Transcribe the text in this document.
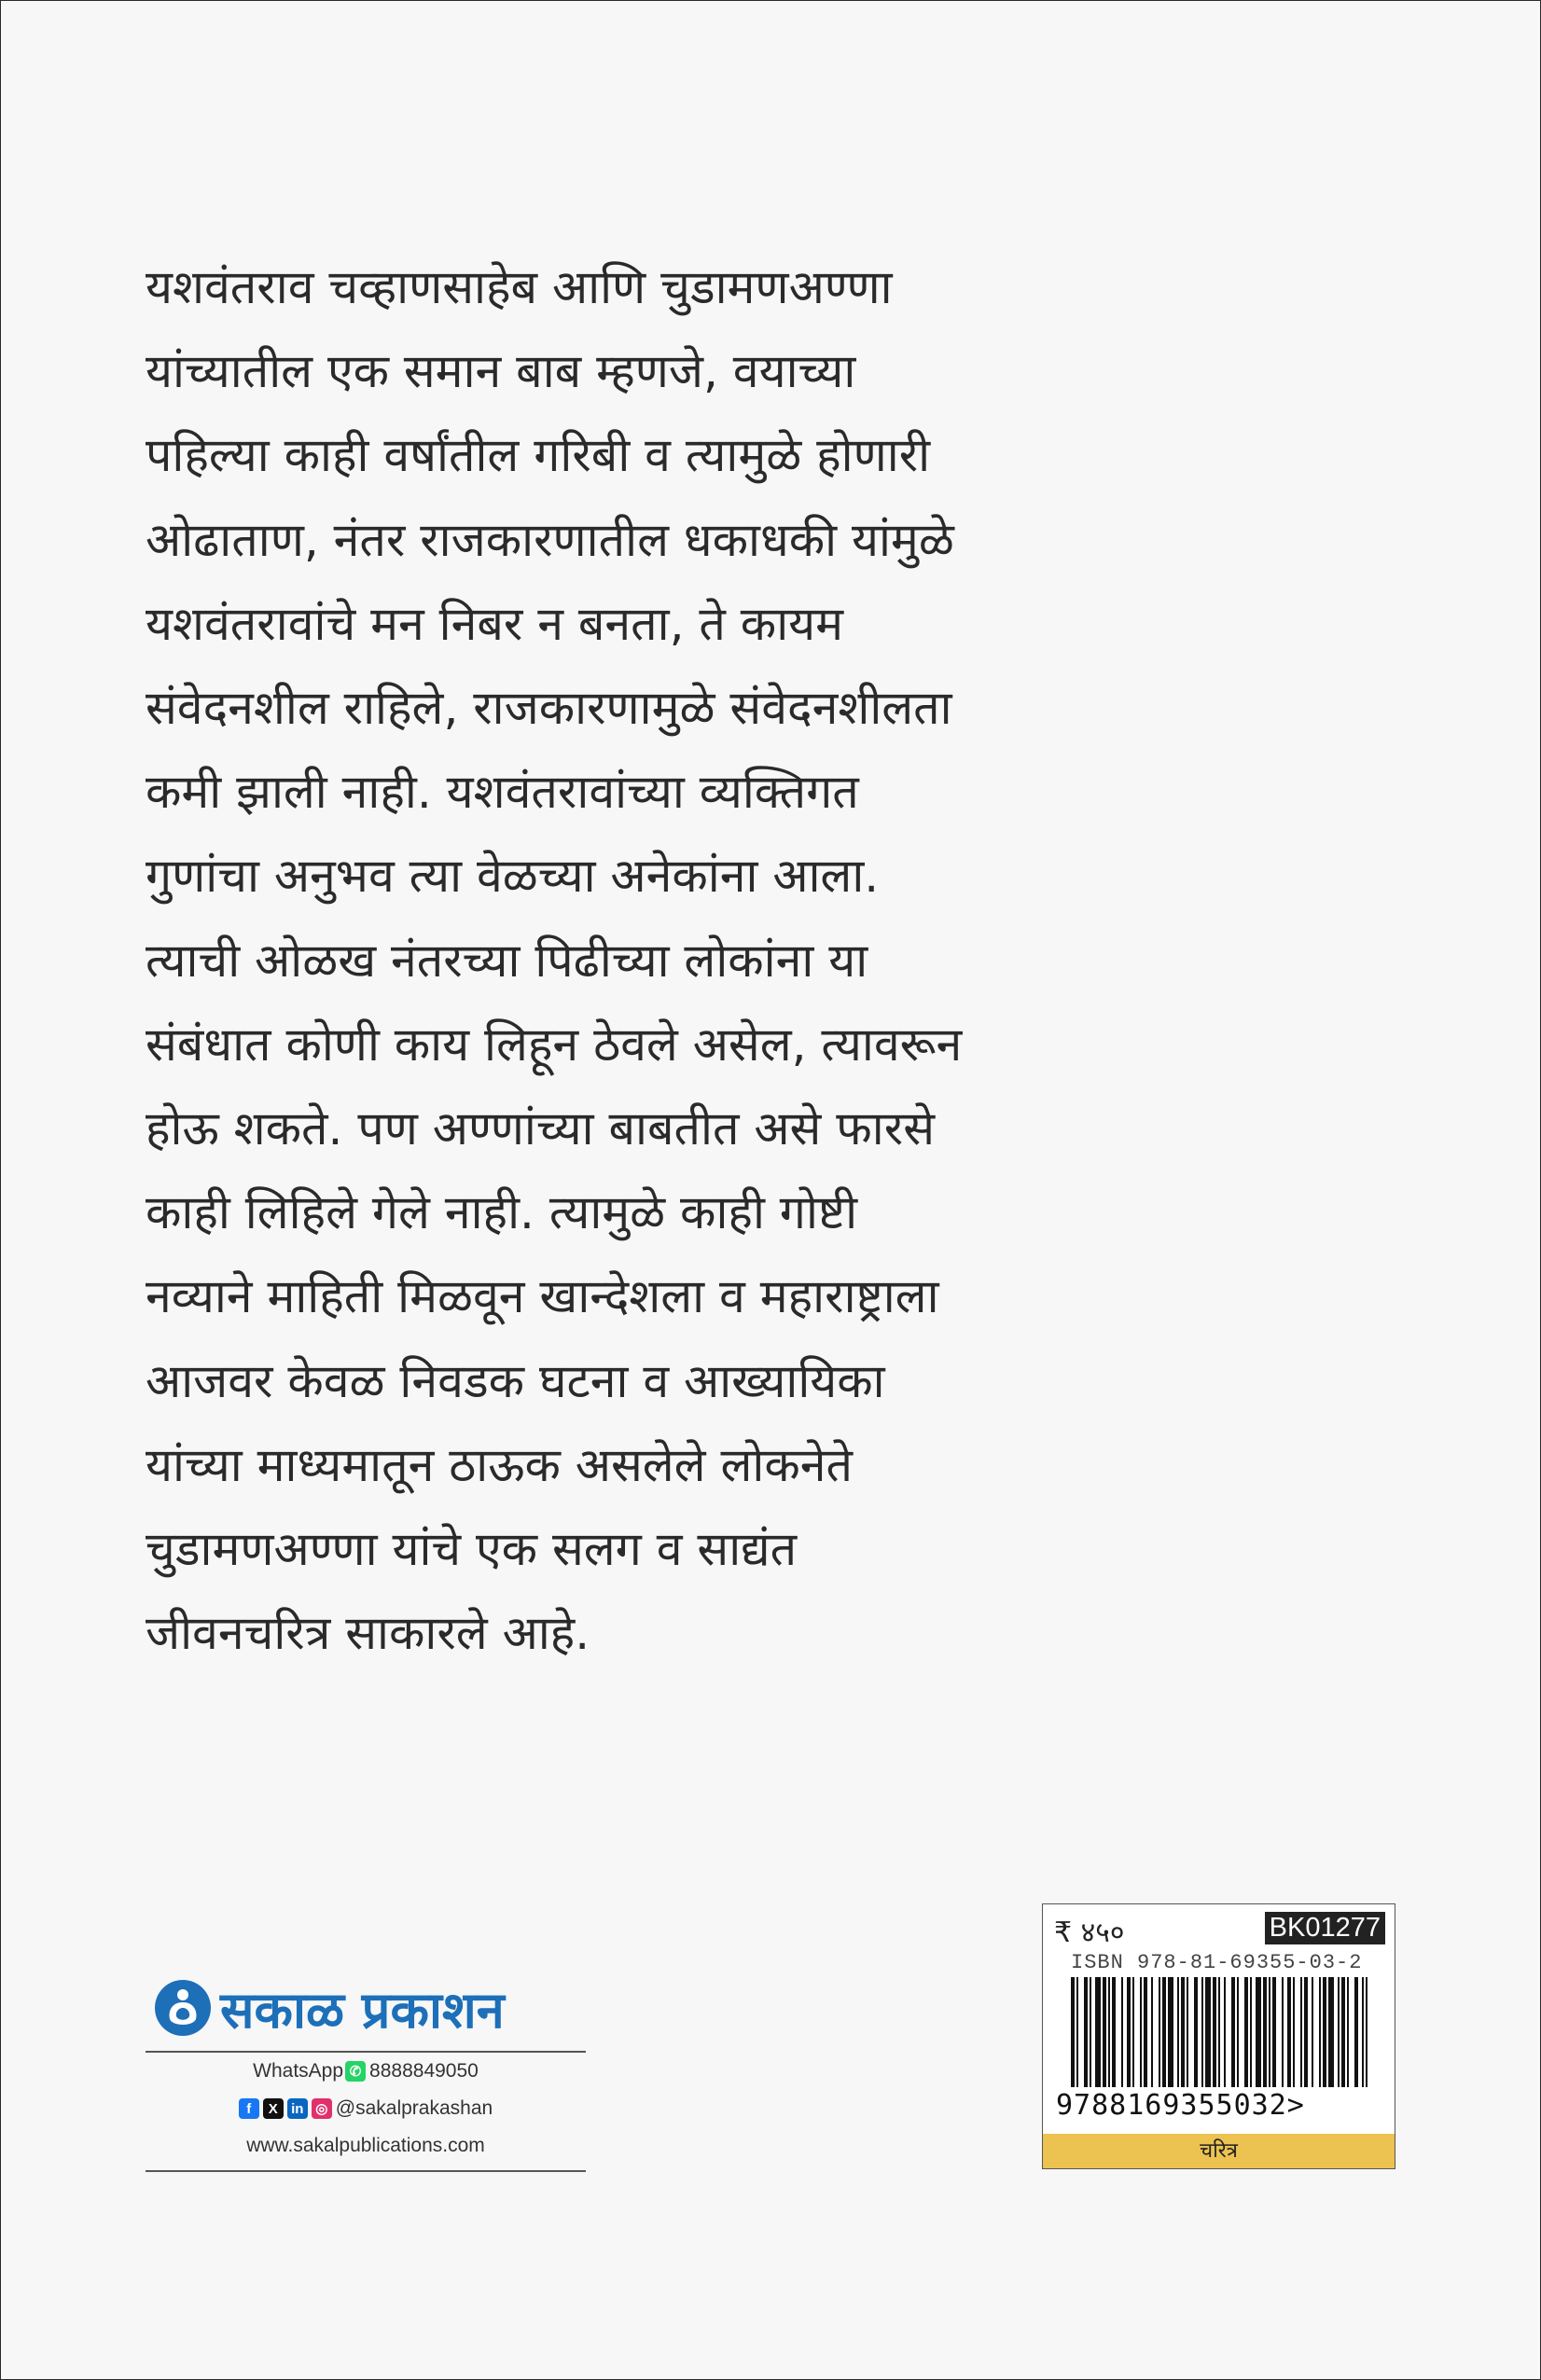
यशवंतराव चव्हाणसाहेब आणि चुडामणअण्णा
यांच्यातील एक समान बाब म्हणजे, वयाच्या
पहिल्या काही वर्षांतील गरिबी व त्यामुळे होणारी
ओढाताण, नंतर राजकारणातील धकाधकी यांमुळे
यशवंतरावांचे मन निबर न बनता, ते कायम
संवेदनशील राहिले, राजकारणामुळे संवेदनशीलता
कमी झाली नाही. यशवंतरावांच्या व्यक्तिगत
गुणांचा अनुभव त्या वेळच्या अनेकांना आला.
त्याची ओळख नंतरच्या पिढीच्या लोकांना या
संबंधात कोणी काय लिहून ठेवले असेल, त्यावरून
होऊ शकते. पण अण्णांच्या बाबतीत असे फारसे
काही लिहिले गेले नाही. त्यामुळे काही गोष्टी
नव्याने माहिती मिळवून खान्देशला व महाराष्ट्राला
आजवर केवळ निवडक घटना व आख्यायिका
यांच्या माध्यमातून ठाऊक असलेले लोकनेते
चुडामणअण्णा यांचे एक सलग व साद्यंत
जीवनचरित्र साकारले आहे.
सकाळ प्रकाशन
WhatsApp ✆ 8888849050
f	X in ◎ @sakalprakashan
www.sakalpublications.com
₹ ४५०	BK01277
ISBN 978-81-69355-03-2
9788169355032>
चरित्र
